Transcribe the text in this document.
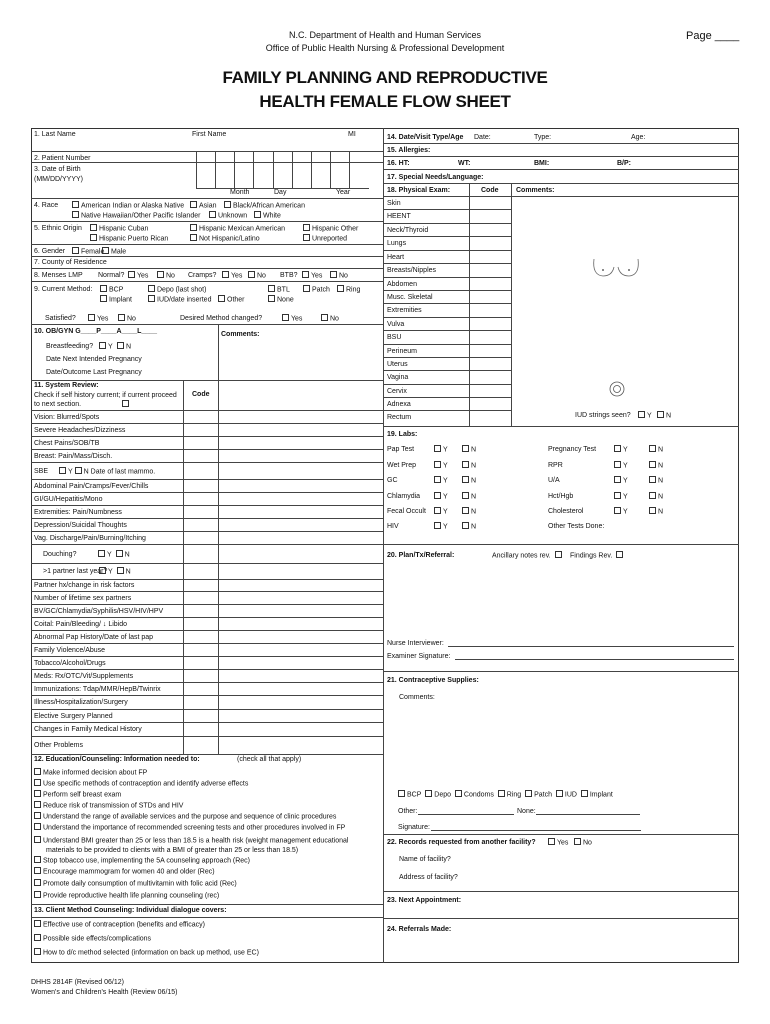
N.C. Department of Health and Human Services
Office of Public Health Nursing & Professional Development
Page ____
FAMILY PLANNING AND REPRODUCTIVE
HEALTH FEMALE FLOW SHEET
1. Last Name	First Name	MI
2. Patient Number
3. Date of Birth
(MM/DD/YYYY)
Month	Day	Year
4. Race	American Indian or Alaska Native	Asian	Black/African American
Native Hawaiian/Other Pacific Islander	Unknown	White
5. Ethnic Origin	Hispanic Cuban	Hispanic Mexican American	Hispanic Other
Hispanic Puerto Rican	Not Hispanic/Latino	Unreported
6. Gender	Female Male
7. County of Residence
8. Menses LMP Normal?	Yes	No Cramps?	Yes	No BTB?	Yes	No
9. Current Method:	BCP	Depo (last shot)	BTL	Patch	Ring
Implant	IUD/date inserted	Other	None
Satisfied?	Yes	No	Desired Method changed?	Yes	No
10. OB/GYN G____P____A____L____	Comments:
Breastfeeding?	Y	N
Date Next Intended Pregnancy
Date/Outcome Last Pregnancy
11. System Review:
Check if self history current; if current proceed
to next section.
Code
Vision: Blurred/Spots
Severe Headaches/Dizziness
Chest Pains/SOB/TB
Breast: Pain/Mass/Disch.
SBE	Y N Date of last mammo.
Abdominal Pain/Cramps/Fever/Chills
GI/GU/Hepatitis/Mono
Extremities: Pain/Numbness
Depression/Suicidal Thoughts
Vag. Discharge/Pain/Burning/Itching
Douching?	Y N
>1 partner last year? Y N
Partner hx/change in risk factors
Number of lifetime sex partners
BV/GC/Chlamydia/Syphilis/HSV/HIV/HPV
Coital: Pain/Bleeding/ ↓ Libido
Abnormal Pap History/Date of last pap
Family Violence/Abuse
Tobacco/Alcohol/Drugs
Meds: Rx/OTC/Vit/Supplements
Immunizations: Tdap/MMR/HepB/Twinrix
Illness/Hospitalization/Surgery
Elective Surgery Planned
Changes in Family Medical History
Other Problems
12. Education/Counseling: Information needed to:	(check all that apply)
Make informed decision about FP
Use specific methods of contraception and identify adverse effects
Perform self breast exam
Reduce risk of transmission of STDs and HIV
Understand the range of available services and the purpose and sequence of clinic procedures
Understand the importance of recommended screening tests and other procedures involved in FP
Understand BMI greater than 25 or less than 18.5 is a health risk (weight management educational
Stop tobacco use, implementing the 5A counseling approach (Rec)
Encourage mammogram for women 40 and older (Rec)
Promote daily consumption of multivitamin with folic acid (Rec)
Provide reproductive health life planning counseling (rec)
materials to be provided to clients with a BMI of greater than 25 or less than 18.5)
13. Client Method Counseling: Individual dialogue covers:
Effective use of contraception (benefits and efficacy)
Possible side effects/complications
How to d/c method selected (information on back up method, use EC)
14. Date/Visit Type/Age Date:	Type:	Age:
15. Allergies:
16. HT:	WT:	BMI:	B/P:
17. Special Needs/Language:
18. Physical Exam:	Code	Comments:
Skin
HEENT
Neck/Thyroid
Lungs
Heart
Breasts/Nipples
Abdomen
Musc. Skeletal
Extremities
Vulva
BSU
Perineum
Uterus
Vagina
Cervix
Adnexa
Rectum	IUD strings seen?	Y	N
19. Labs:
Pap Test	Y	N
Wet Prep	Y	N
GC	Y	N
Chlamydia	Y	N
Fecal Occult	Y	N
HIV	Y	N
Pregnancy Test	Y	N
RPR	Y	N
U/A	Y	N
Hct/Hgb	Y	N
Cholesterol	Y	N
Other Tests Done:
20. Plan/Tx/Referral:	Ancillary notes rev.	Findings Rev.
Nurse Interviewer:
Examiner Signature:
21. Contraceptive Supplies:
Comments:
BCP Depo Condoms Ring Patch IUD Implant
Other:	None:
Signature:
22. Records requested from another facility?	Yes	No
Name of facility?
Address of facility?
23. Next Appointment:
24. Referrals Made:
DHHS 2814F (Revised 06/12)
Women's and Children's Health (Review 06/15)
